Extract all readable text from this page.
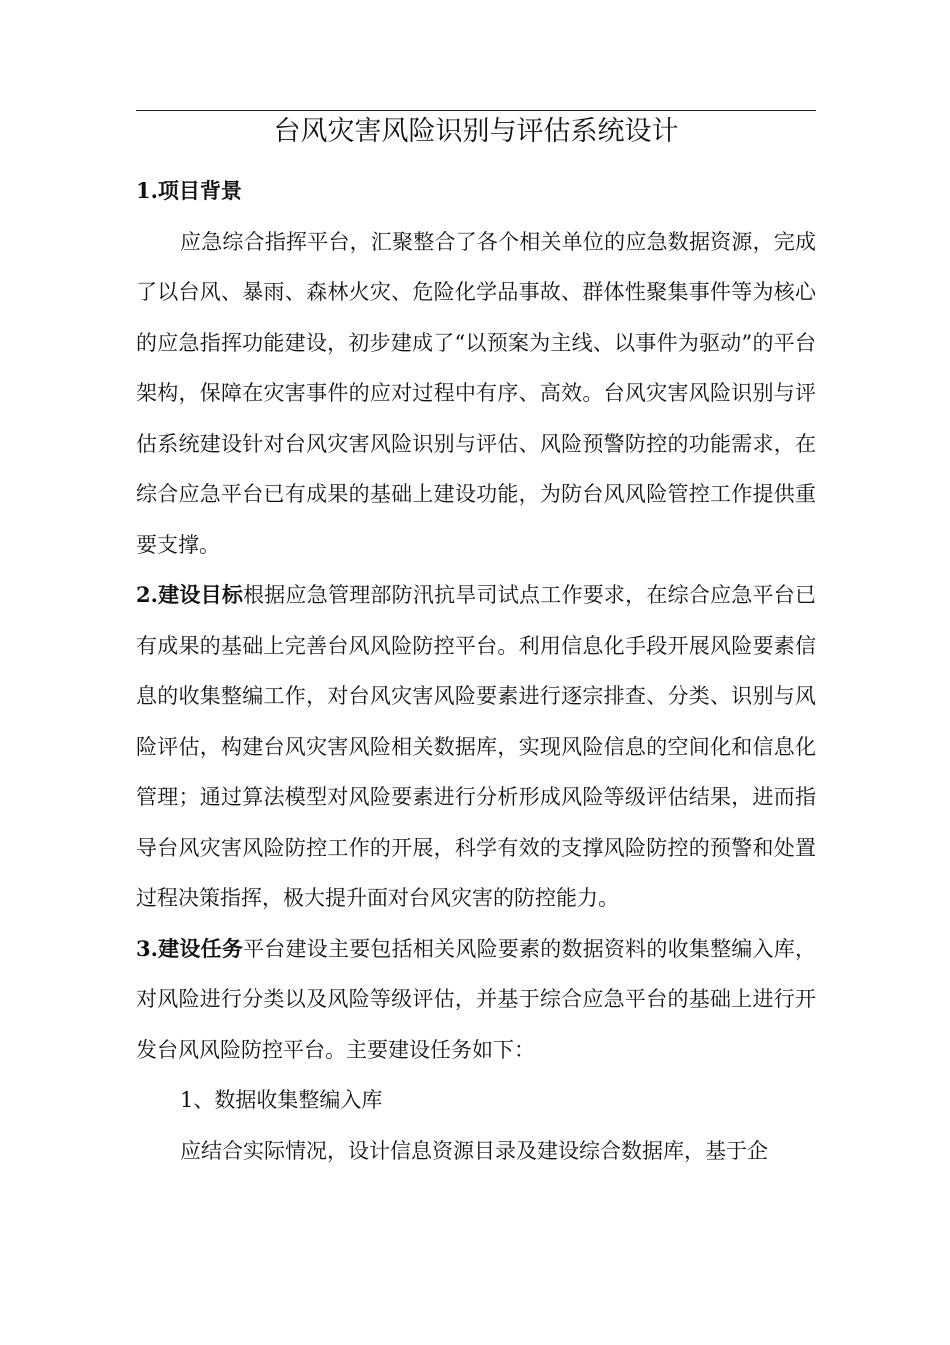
台风灾害风险识别与评估系统设计

1.项目背景

应急综合指挥平台，汇聚整合了各个相关单位的应急数据资源，完成了以台风、暴雨、森林火灾、危险化学品事故、群体性聚集事件等为核心的应急指挥功能建设，初步建成了“以预案为主线、以事件为驱动”的平台架构，保障在灾害事件的应对过程中有序、高效。台风灾害风险识别与评估系统建设针对台风灾害风险识别与评估、风险预警防控的功能需求，在综合应急平台已有成果的基础上建设功能，为防台风风险管控工作提供重要支撑。

2.建设目标根据应急管理部防汛抗旱司试点工作要求，在综合应急平台已有成果的基础上完善台风风险防控平台。利用信息化手段开展风险要素信息的收集整编工作，对台风灾害风险要素进行逐宗排查、分类、识别与风险评估，构建台风灾害风险相关数据库，实现风险信息的空间化和信息化管理；通过算法模型对风险要素进行分析形成风险等级评估结果，进而指导台风灾害风险防控工作的开展，科学有效的支撑风险防控的预警和处置过程决策指挥，极大提升面对台风灾害的防控能力。

3.建设任务平台建设主要包括相关风险要素的数据资料的收集整编入库，对风险进行分类以及风险等级评估，并基于综合应急平台的基础上进行开发台风风险防控平台。主要建设任务如下：

1、数据收集整编入库

应结合实际情况，设计信息资源目录及建设综合数据库，基于企
